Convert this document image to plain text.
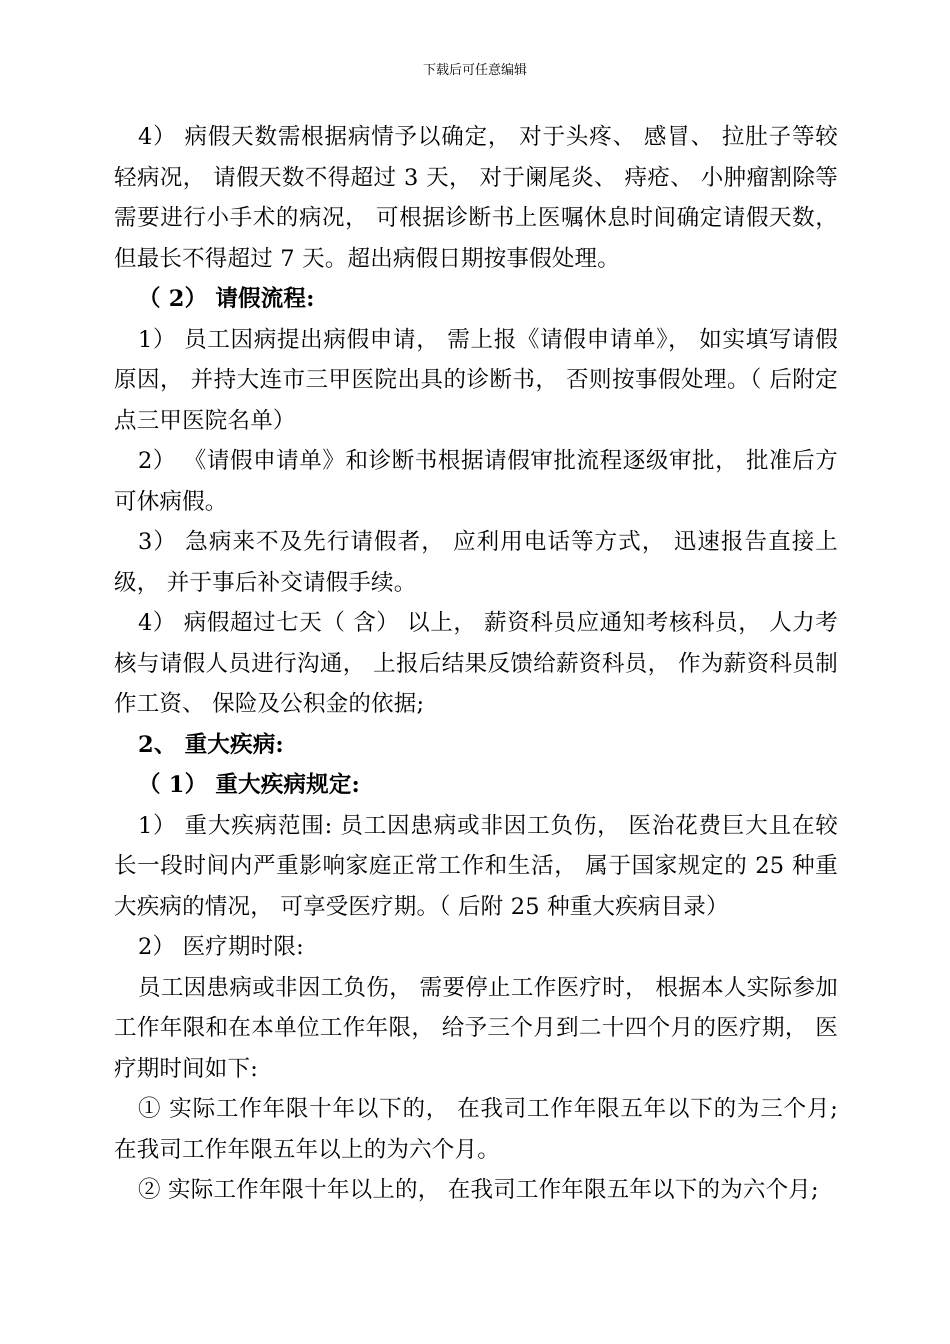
下载后可任意编辑

4） 病假天数需根据病情予以确定， 对于头疼、 感冒、 拉肚子等较轻病况， 请假天数不得超过 3 天， 对于阑尾炎、 痔疮、 小肿瘤割除等需要进行小手术的病况， 可根据诊断书上医嘱休息时间确定请假天数， 但最长不得超过 7 天。超出病假日期按事假处理。

（ 2） 请假流程:

1） 员工因病提出病假申请， 需上报《请假申请单》， 如实填写请假原因， 并持大连市三甲医院出具的诊断书， 否则按事假处理。（ 后附定点三甲医院名单）

2） 《请假申请单》和诊断书根据请假审批流程逐级审批， 批准后方可休病假。

3） 急病来不及先行请假者， 应利用电话等方式， 迅速报告直接上级， 并于事后补交请假手续。

4） 病假超过七天（ 含） 以上， 薪资科员应通知考核科员， 人力考核与请假人员进行沟通， 上报后结果反馈给薪资科员， 作为薪资科员制作工资、 保险及公积金的依据;

2、 重大疾病:

（ 1） 重大疾病规定:

1） 重大疾病范围: 员工因患病或非因工负伤， 医治花费巨大且在较长一段时间内严重影响家庭正常工作和生活， 属于国家规定的 25 种重大疾病的情况， 可享受医疗期。（ 后附 25 种重大疾病目录）

2） 医疗期时限:

员工因患病或非因工负伤， 需要停止工作医疗时， 根据本人实际参加工作年限和在本单位工作年限， 给予三个月到二十四个月的医疗期， 医疗期时间如下:

① 实际工作年限十年以下的， 在我司工作年限五年以下的为三个月; 在我司工作年限五年以上的为六个月。

② 实际工作年限十年以上的， 在我司工作年限五年以下的为六个月;
